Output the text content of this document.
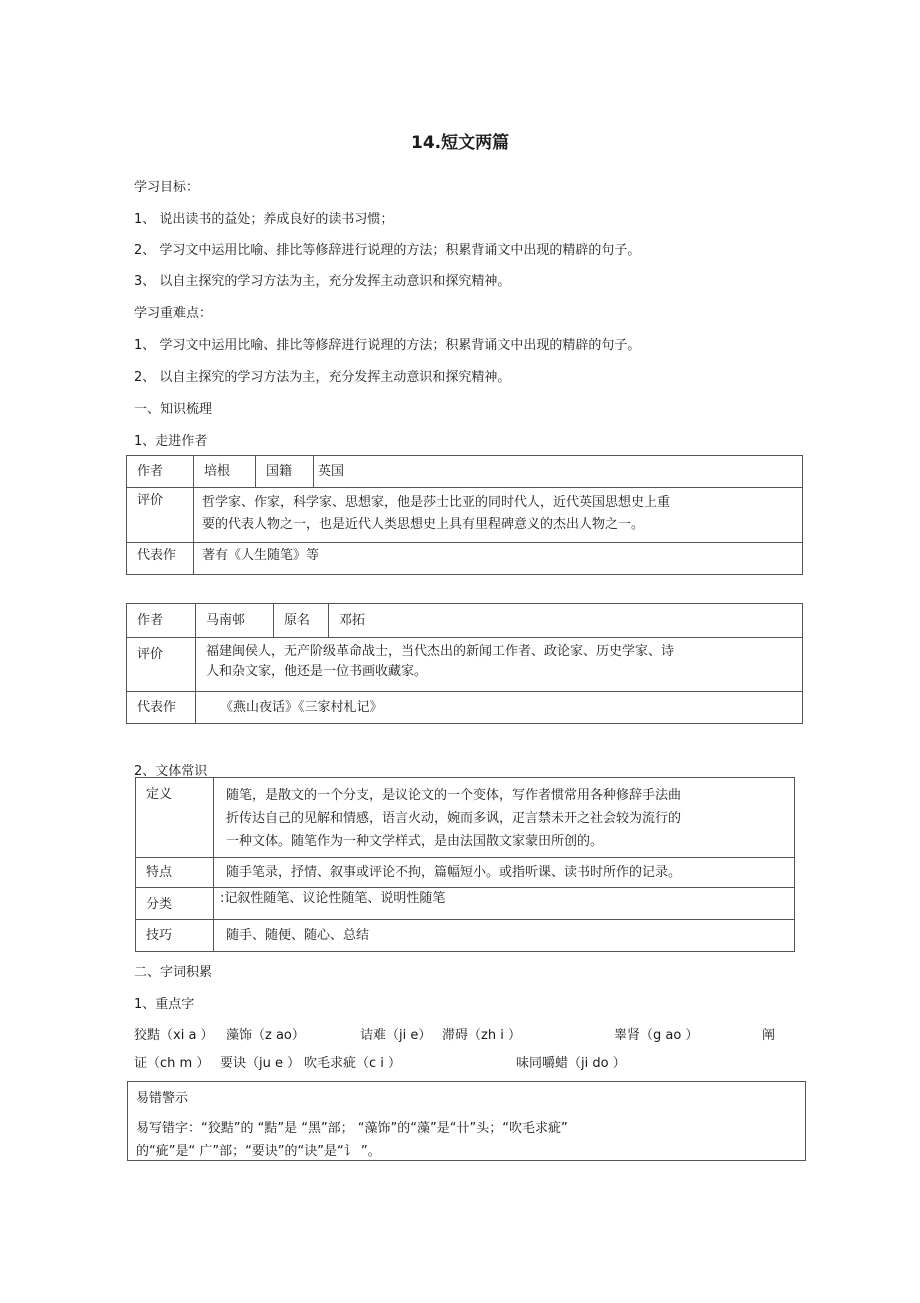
14.短文两篇
学习目标：
1、 说出读书的益处；养成良好的读书习惯；
2、 学习文中运用比喻、排比等修辞进行说理的方法；积累背诵文中出现的精辟的句子。
3、 以自主探究的学习方法为主，充分发挥主动意识和探究精神。
学习重难点：
1、 学习文中运用比喻、排比等修辞进行说理的方法；积累背诵文中出现的精辟的句子。
2、 以自主探究的学习方法为主，充分发挥主动意识和探究精神。
一、知识梳理
1、走进作者
作者	培根	国籍	英国
评价	哲学家、作家，科学家、思想家，他是莎士比亚的同时代人，近代英国思想史上重
要的代表人物之一，也是近代人类思想史上具有里程碑意义的杰出人物之一。		

代表作	著有《人生随笔》等		
作者	马南邨	原名	邓拓
评价	福建闽侯人，无产阶级革命战士，当代杰出的新闻工作者、政论家、历史学家、诗
人和杂文家，他还是一位书画收藏家。		

代表作	《燕山夜话》《三家村札记》		
2、文体常识
定义	随笔，是散文的一个分支，是议论文的一个变体，写作者惯常用各种修辞手法曲
折传达自己的见解和情感，语言火动，婉而多讽，疋言禁未开之社会较为流行的
一种文体。随笔作为一种文学样式，是由法国散文家蒙田所创的。

特点	随手笔录，抒情、叙事或评论不拘，篇幅短小。或指听课、读书时所作的记录。
分类	:记叙性随笔、议论性随笔、说明性随笔
技巧	随手、随便、随心、总结
二、字词积累
1、重点字
狡黠（xi a ） 藻饰（z ao）	诘难（ji e） 滞碍（zh i ）	睾肾（g ao ）	阐
证（ch m ） 要诀（ju e ） 吹毛求疵（c i ）	味同嚼蜡（ji do ）
易错警示
易写错字：“狡黠”的 “黠”是 “黑”部； “藻饰”的“藻”是“卄”头；“吹毛求疵”
的“疵”是“ 广”部；“要诀”的“诀”是“讠 ”。
